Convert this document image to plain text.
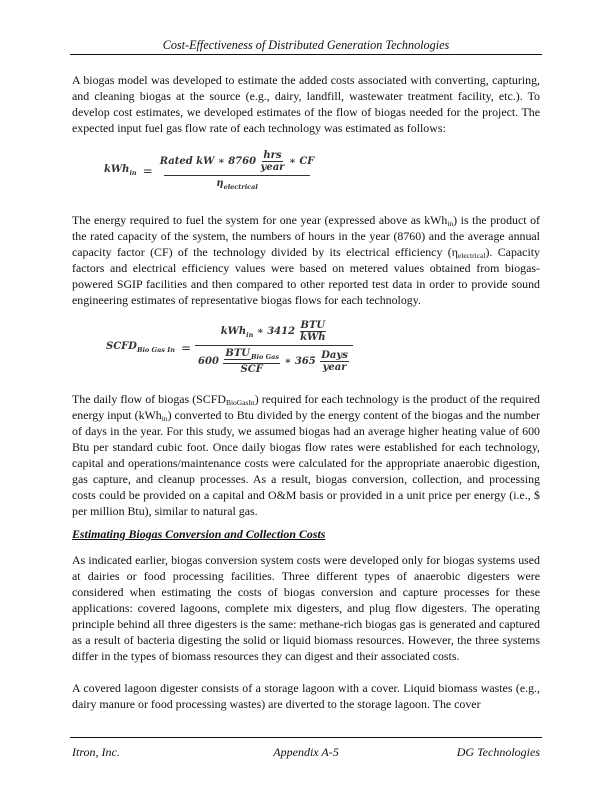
Cost-Effectiveness of Distributed Generation Technologies

A biogas model was developed to estimate the added costs associated with converting, capturing, and cleaning biogas at the source (e.g., dairy, landfill, wastewater treatment facility, etc.). To develop cost estimates, we developed estimates of the flow of biogas needed for the project. The expected input fuel gas flow rate of each technology was estimated as follows:

kWh$_{in}$ = Rated kW ∗ 8760
hrs
year
∗ CF
$\eta_{electrical}$

The energy required to fuel the system for one year (expressed above as kWh$_{in}$) is the product of the rated capacity of the system, the numbers of hours in the year (8760) and the average annual capacity factor (CF) of the technology divided by its electrical efficiency $(\eta_{electrical})$. Capacity factors and electrical efficiency values were based on metered values obtained from biogas-powered SGIP facilities and then compared to other reported test data in order to provide sound engineering estimates of representative biogas flows for each technology.

$SCFD_{Bio Gas In} = kWh_{in}$ ∗ 3412
BTU
kWh
600
$BTU_{Bio Gas}$
SCF
∗ 365
Days
year

The daily flow of biogas $(SCFD_{BioGasIn})$ required for each technology is the product of the required energy input (kWh$_{in}$) converted to Btu divided by the energy content of the biogas and the number of days in the year. For this study, we assumed biogas had an average higher heating value of 600 Btu per standard cubic foot. Once daily biogas flow rates were established for each technology, capital and operations/maintenance costs were calculated for the appropriate anaerobic digestion, gas capture, and cleanup processes. As a result, biogas conversion, collection, and processing costs could be provided on a capital and O&M basis or provided in a unit price per energy (i.e., $ per million Btu), similar to natural gas.

Estimating Biogas Conversion and Collection Costs

As indicated earlier, biogas conversion system costs were developed only for biogas systems used at dairies or food processing facilities. Three different types of anaerobic digesters were considered when estimating the costs of biogas conversion and capture processes for these applications: covered lagoons, complete mix digesters, and plug flow digesters. The operating principle behind all three digesters is the same: methane-rich biogas gas is generated and captured as a result of bacteria digesting the solid or liquid biomass resources. However, the three systems differ in the types of biomass resources they can digest and their associated costs.

A covered lagoon digester consists of a storage lagoon with a cover. Liquid biomass wastes (e.g., dairy manure or food processing wastes) are diverted to the storage lagoon. The cover

Itron, Inc.	Appendix A-5	DG Technologies
